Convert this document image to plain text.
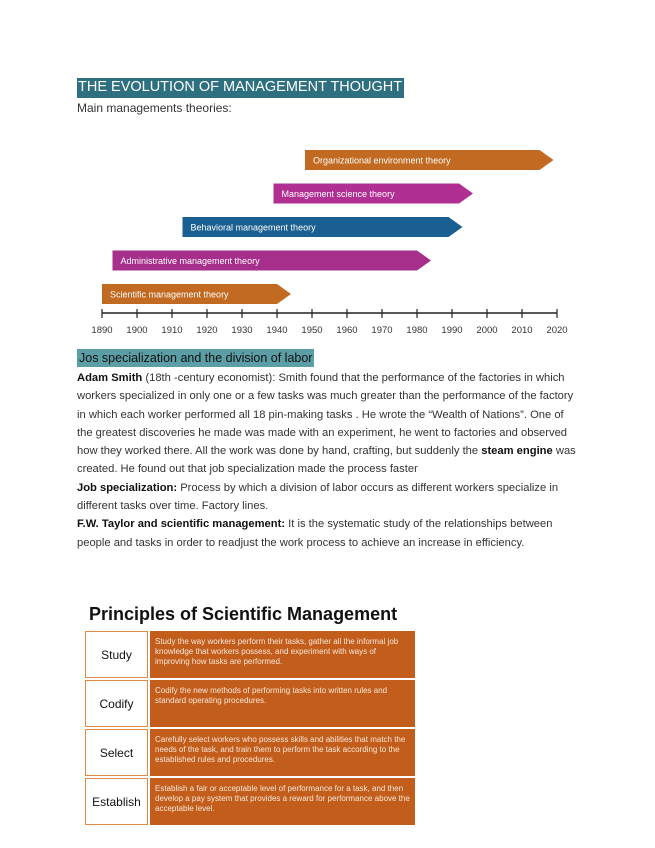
THE EVOLUTION OF MANAGEMENT THOUGHT
Main managements theories:
1890 1900 1910 1920 1930 1940 1950 1960 1970 1980 1990 2000 2010 2020
Organizational environment theory
Management science theory
Behavioral management theory
Administrative management theory
Scientific management theory
Jos specialization and the division of labor

Adam Smith (18th -century economist): Smith found that the performance of the factories in which workers specialized in only one or a few tasks was much greater than the performance of the factory in which each worker performed all 18 pin-making tasks . He wrote the “Wealth of Nations”. One of the greatest discoveries he made was made with an experiment, he went to factories and observed how they worked there. All the work was done by hand, crafting, but suddenly the steam engine was created. He found out that job specialization made the process faster

Job specialization: Process by which a division of labor occurs as different workers specialize in different tasks over time. Factory lines.

F.W. Taylor and scientific management: It is the systematic study of the relationships between people and tasks in order to readjust the work process to achieve an increase in efficiency.

Principles of Scientific Management
Study
Study the way workers perform their tasks, gather all the informal job knowledge that workers possess, and experiment with ways of improving how tasks are performed.
Codify
Codify the new methods of performing tasks into written rules and standard operating procedures.
Select
Carefully select workers who possess skills and abilities that match the needs of the task, and train them to perform the task according to the established rules and procedures.
Establish
Establish a fair or acceptable level of performance for a task, and then develop a pay system that provides a reward for performance above the acceptable level.
